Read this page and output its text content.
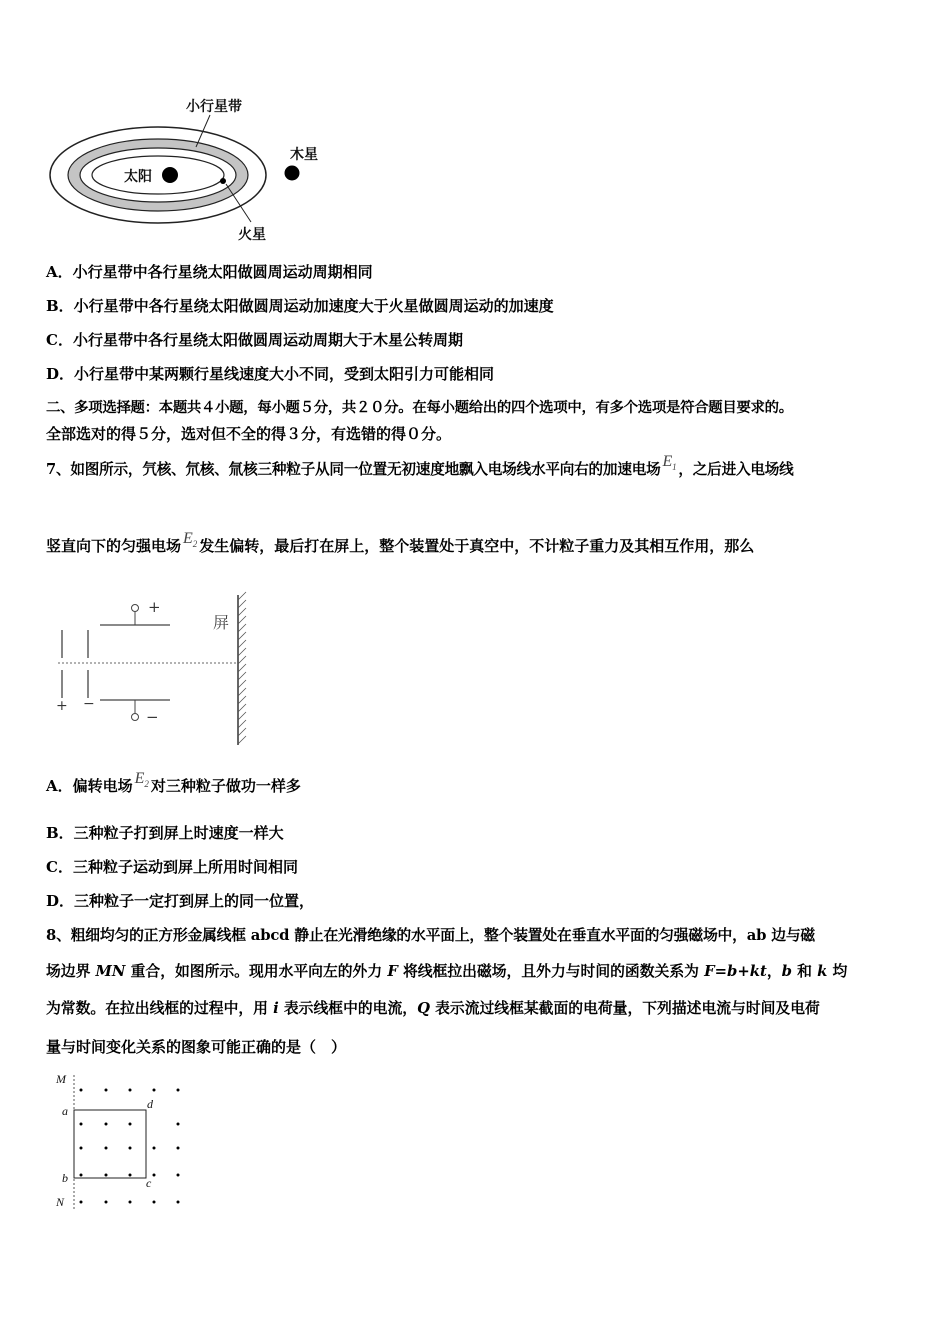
小行星带
木星
太阳
火星
A．小行星带中各行星绕太阳做圆周运动周期相同
B．小行星带中各行星绕太阳做圆周运动加速度大于火星做圆周运动的加速度
C．小行星带中各行星绕太阳做圆周运动周期大于木星公转周期
D．小行星带中某两颗行星线速度大小不同，受到太阳引力可能相同
二、多项选择题：本题共４小题，每小题５分，共２０分。在每小题给出的四个选项中，有多个选项是符合题目要求的。
全部选对的得５分，选对但不全的得３分，有选错的得０分。
7、如图所示，氕核、氘核、氚核三种粒子从同一位置无初速度地飘入电场线水平向右的加速电场 $E_1$ ，之后进入电场线
竖直向下的匀强电场 $E_2$ 发生偏转，最后打在屏上，整个装置处于真空中，不计粒子重力及其相互作用，那么
+
−
+ −
屏
A．偏转电场 $E_2$ 对三种粒子做功一样多
B．三种粒子打到屏上时速度一样大
C．三种粒子运动到屏上所用时间相同
D．三种粒子一定打到屏上的同一位置，
8、粗细均匀的正方形金属线框 abcd 静止在光滑绝缘的水平面上，整个装置处在垂直水平面的匀强磁场中，ab 边与磁
场边界 MN 重合，如图所示。现用水平向左的外力 F 将线框拉出磁场，且外力与时间的函数关系为 F=b+kt，b 和 k 均
为常数。在拉出线框的过程中，用 i 表示线框中的电流，Q 表示流过线框某截面的电荷量，下列描述电流与时间及电荷
量与时间变化关系的图象可能正确的是（　）
M
a	d
b	c
N
